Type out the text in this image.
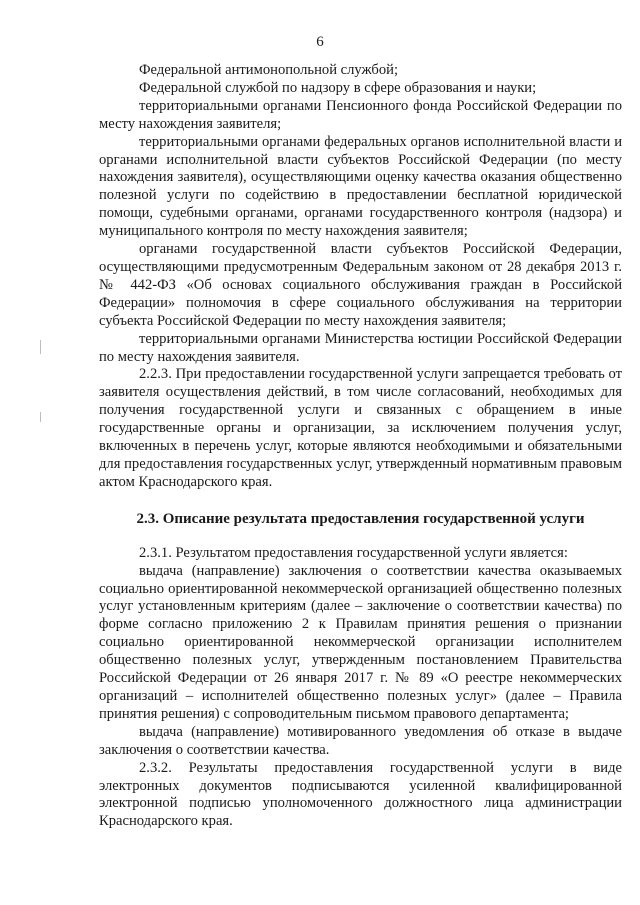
6

Федеральной антимонопольной службой;

Федеральной службой по надзору в сфере образования и науки;

территориальными органами Пенсионного фонда Российской Федерации по месту нахождения заявителя;

территориальными органами федеральных органов исполнительной власти и органами исполнительной власти субъектов Российской Федерации (по месту нахождения заявителя), осуществляющими оценку качества оказания общественно полезной услуги по содействию в предоставлении бесплатной юридической помощи, судебными органами, органами государственного контроля (надзора) и муниципального контроля по месту нахождения заявителя;

органами государственной власти субъектов Российской Федерации, осуществляющими предусмотренным Федеральным законом от 28 декабря 2013 г. № 442-ФЗ «Об основах социального обслуживания граждан в Российской Федерации» полномочия в сфере социального обслуживания на территории субъекта Российской Федерации по месту нахождения заявителя;

территориальными органами Министерства юстиции Российской Федерации по месту нахождения заявителя.

2.2.3. При предоставлении государственной услуги запрещается требовать от заявителя осуществления действий, в том числе согласований, необходимых для получения государственной услуги и связанных с обращением в иные государственные органы и организации, за исключением получения услуг, включенных в перечень услуг, которые являются необходимыми и обязательными для предоставления государственных услуг, утвержденный нормативным правовым актом Краснодарского края.

2.3. Описание результата предоставления государственной услуги

2.3.1. Результатом предоставления государственной услуги является:

выдача (направление) заключения о соответствии качества оказываемых социально ориентированной некоммерческой организацией общественно полезных услуг установленным критериям (далее – заключение о соответствии качества) по форме согласно приложению 2 к Правилам принятия решения о признании социально ориентированной некоммерческой организации исполнителем общественно полезных услуг, утвержденным постановлением Правительства Российской Федерации от 26 января 2017 г. № 89 «О реестре некоммерческих организаций – исполнителей общественно полезных услуг» (далее – Правила принятия решения) с сопроводительным письмом правового департамента;

выдача (направление) мотивированного уведомления об отказе в выдаче заключения о соответствии качества.

2.3.2. Результаты предоставления государственной услуги в виде электронных документов подписываются усиленной квалифицированной электронной подписью уполномоченного должностного лица администрации Краснодарского края.
